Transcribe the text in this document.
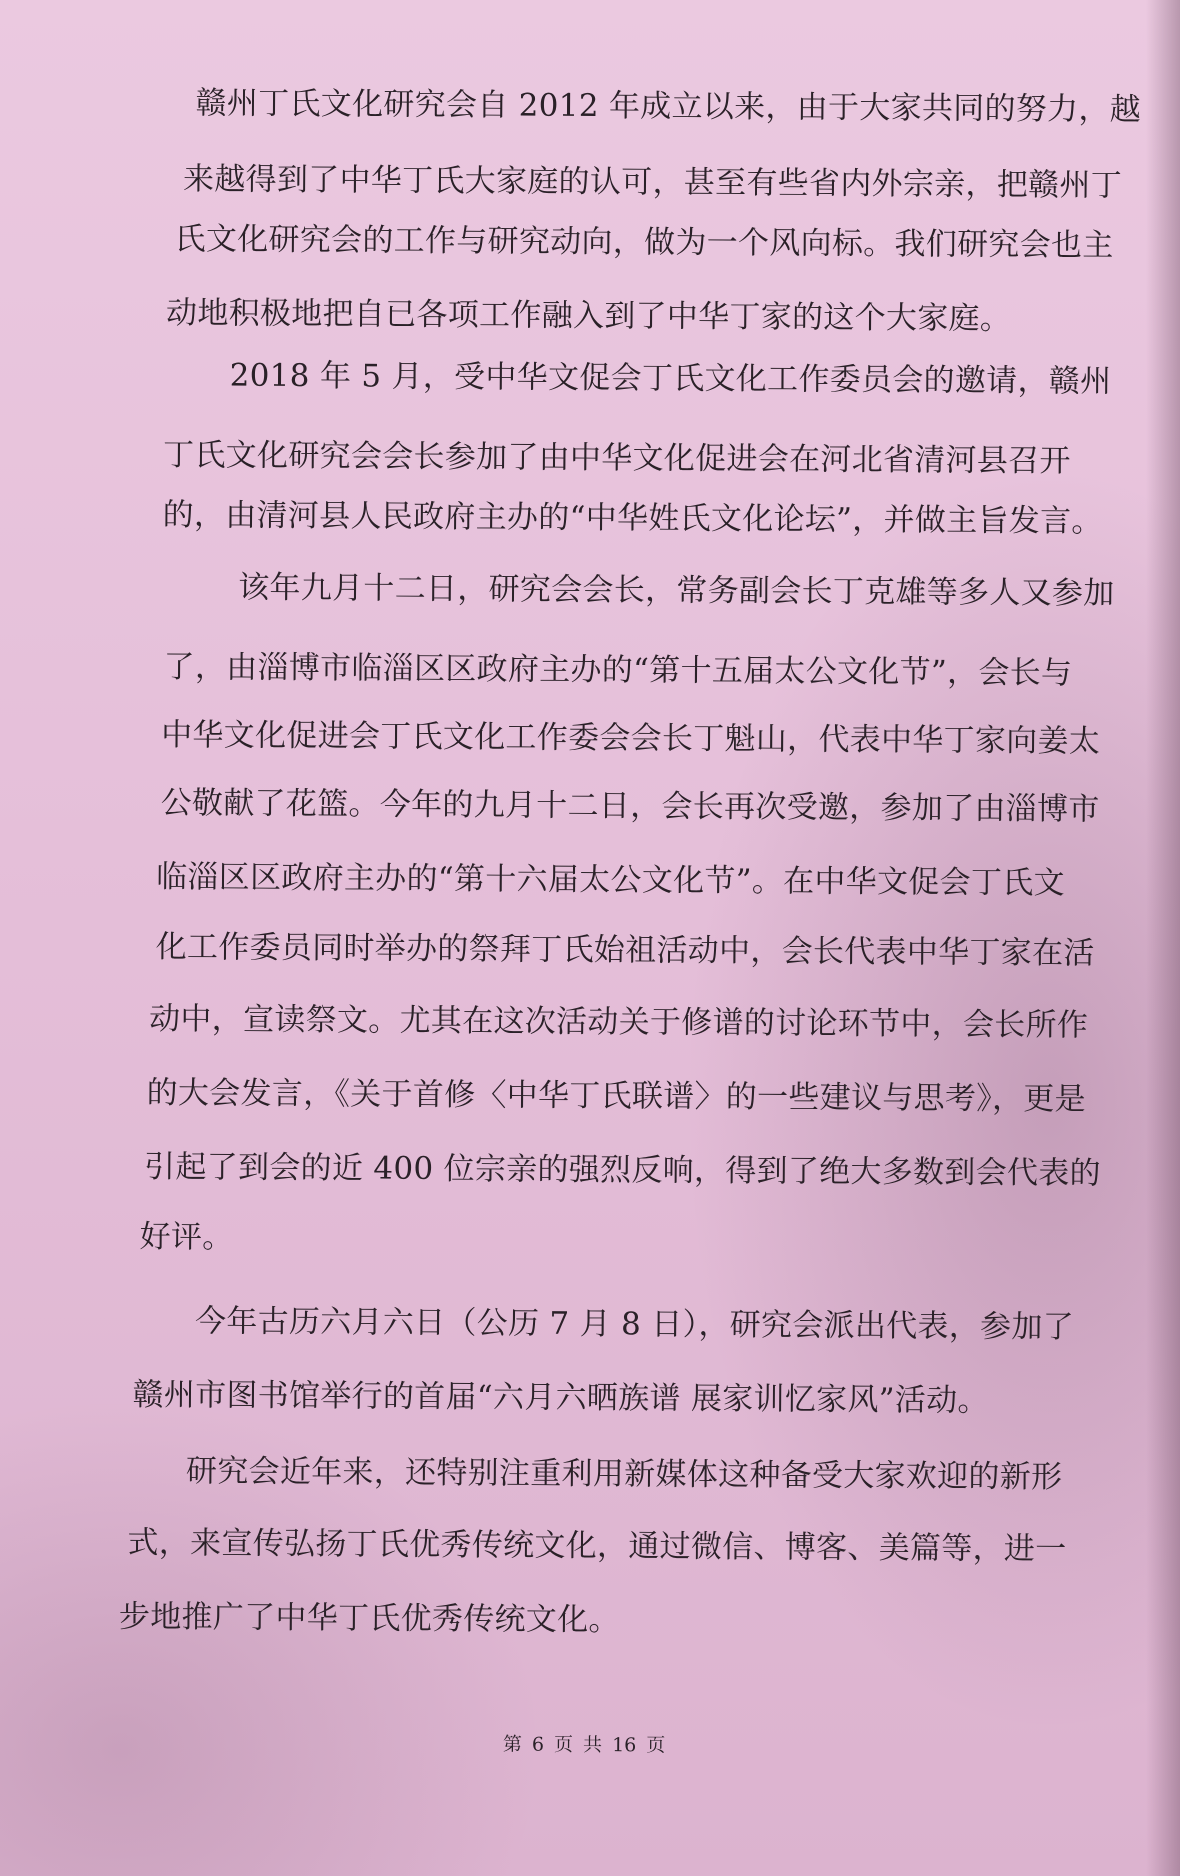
赣州丁氏文化研究会自 2012 年成立以来，由于大家共同的努力，越

来越得到了中华丁氏大家庭的认可，甚至有些省内外宗亲，把赣州丁

氏文化研究会的工作与研究动向，做为一个风向标。我们研究会也主

动地积极地把自已各项工作融入到了中华丁家的这个大家庭。

2018 年 5 月，受中华文促会丁氏文化工作委员会的邀请，赣州

丁氏文化研究会会长参加了由中华文化促进会在河北省清河县召开

的，由清河县人民政府主办的“中华姓氏文化论坛”，并做主旨发言。

该年九月十二日，研究会会长，常务副会长丁克雄等多人又参加

了，由淄博市临淄区区政府主办的“第十五届太公文化节”，会长与

中华文化促进会丁氏文化工作委会会长丁魁山，代表中华丁家向姜太

公敬献了花篮。今年的九月十二日，会长再次受邀，参加了由淄博市

临淄区区政府主办的“第十六届太公文化节”。在中华文促会丁氏文

化工作委员同时举办的祭拜丁氏始祖活动中，会长代表中华丁家在活

动中，宣读祭文。尤其在这次活动关于修谱的讨论环节中，会长所作

的大会发言，《关于首修〈中华丁氏联谱〉的一些建议与思考》，更是

引起了到会的近 400 位宗亲的强烈反响，得到了绝大多数到会代表的

好评。

今年古历六月六日（公历 7 月 8 日），研究会派出代表，参加了

赣州市图书馆举行的首届“六月六晒族谱 展家训忆家风”活动。

研究会近年来，还特别注重利用新媒体这种备受大家欢迎的新形

式，来宣传弘扬丁氏优秀传统文化，通过微信、博客、美篇等，进一

步地推广了中华丁氏优秀传统文化。

第 6 页 共 16 页
